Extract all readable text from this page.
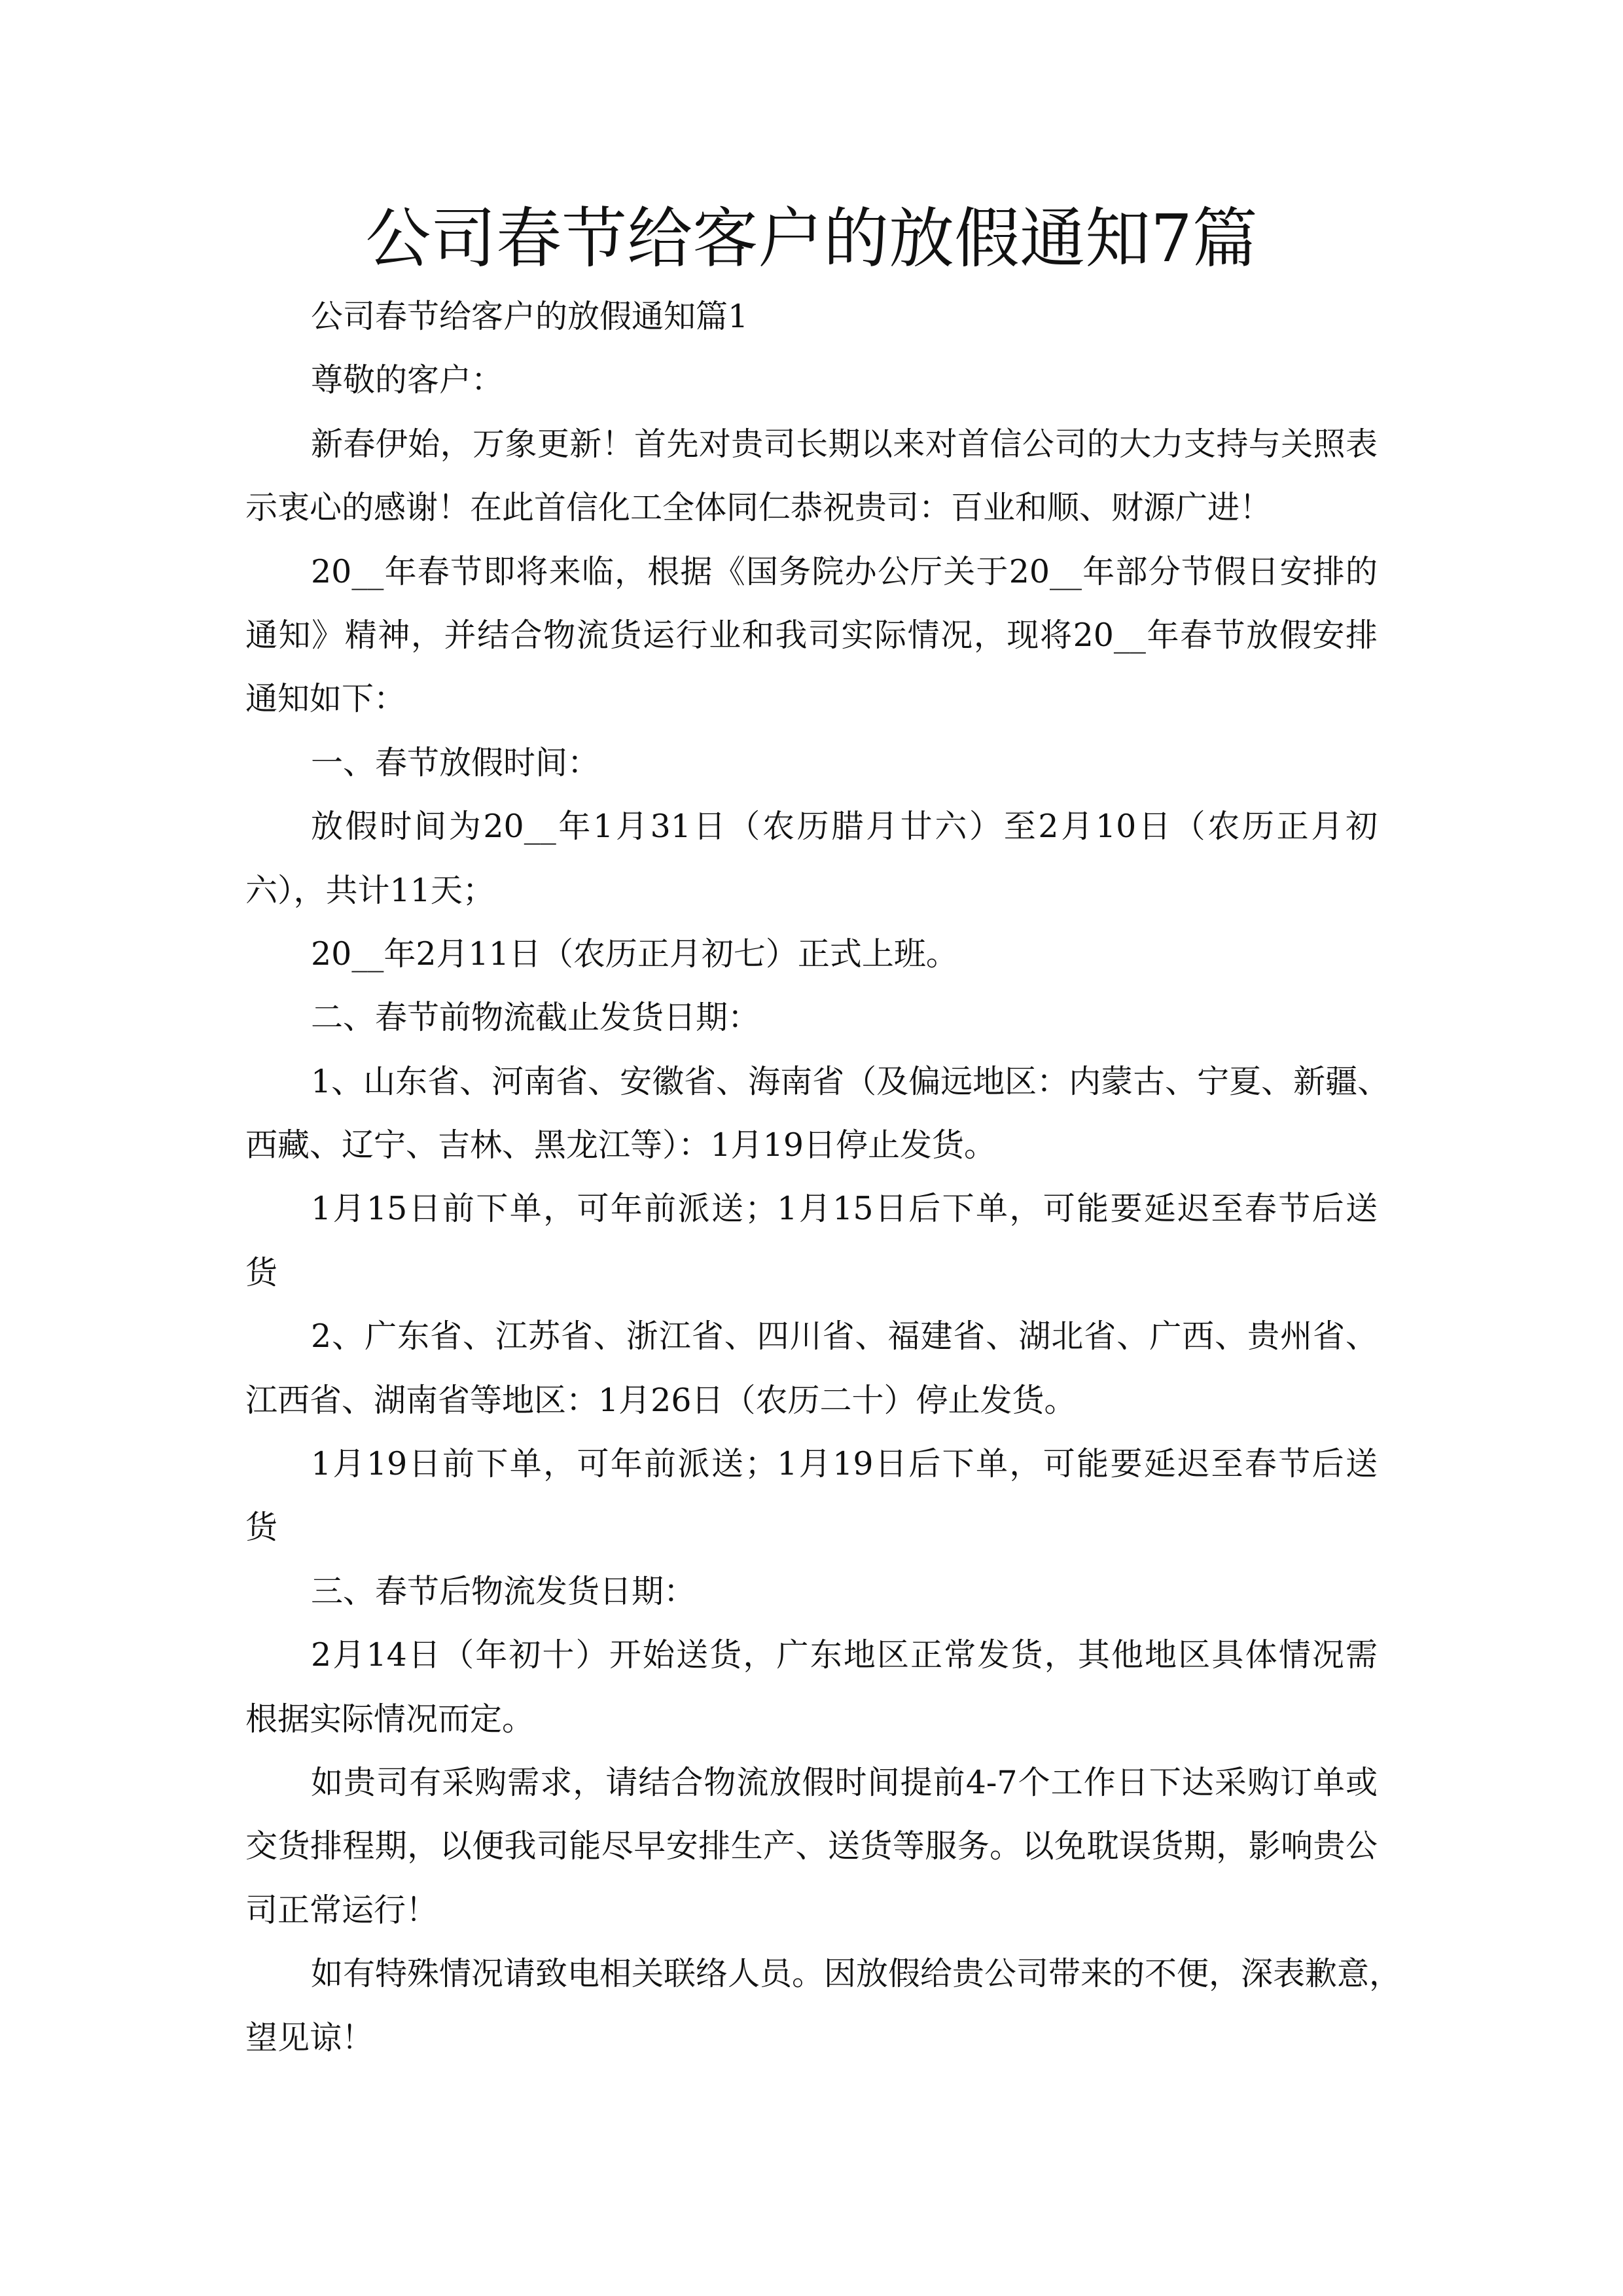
公司春节给客户的放假通知7篇
公司春节给客户的放假通知篇1
尊敬的客户：
新春伊始，万象更新！首先对贵司长期以来对首信公司的大力支持与关照表
示衷心的感谢！在此首信化工全体同仁恭祝贵司：百业和顺、财源广进！
20__年春节即将来临，根据《国务院办公厅关于20__年部分节假日安排的
通知》精神，并结合物流货运行业和我司实际情况，现将20__年春节放假安排
通知如下：
一、春节放假时间：
放假时间为20__年1月31日（农历腊月廿六）至2月10日（农历正月初
六），共计11天；
20__年2月11日（农历正月初七）正式上班。
二、春节前物流截止发货日期：
1、山东省、河南省、安徽省、海南省（及偏远地区：内蒙古、宁夏、新疆、
西藏、辽宁、吉林、黑龙江等）：1月19日停止发货。
1月15日前下单，可年前派送；1月15日后下单，可能要延迟至春节后送
货
2、广东省、江苏省、浙江省、四川省、福建省、湖北省、广西、贵州省、
江西省、湖南省等地区：1月26日（农历二十）停止发货。
1月19日前下单，可年前派送；1月19日后下单，可能要延迟至春节后送
货
三、春节后物流发货日期：
2月14日（年初十）开始送货，广东地区正常发货，其他地区具体情况需
根据实际情况而定。
如贵司有采购需求，请结合物流放假时间提前4-7个工作日下达采购订单或
交货排程期，以便我司能尽早安排生产、送货等服务。以免耽误货期，影响贵公
司正常运行！
如有特殊情况请致电相关联络人员。因放假给贵公司带来的不便，深表歉意，
望见谅！
